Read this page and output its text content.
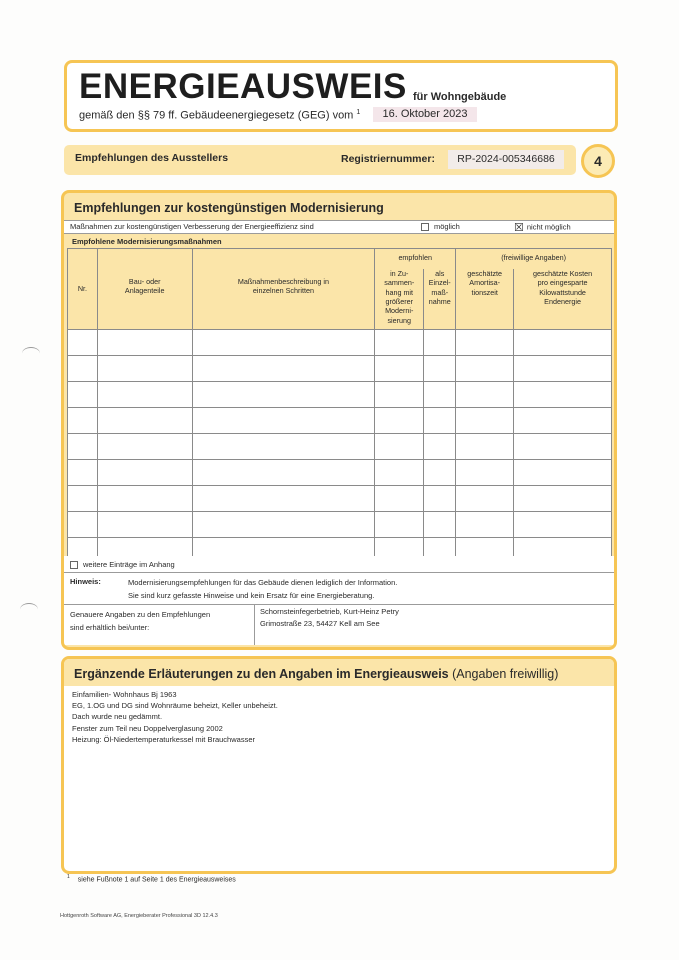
ENERGIEAUSWEIS für Wohngebäude
gemäß den §§ 79 ff. Gebäudeenergiegesetz (GEG) vom $^1$	16. Oktober 2023
Empfehlungen des Ausstellers	Registriernummer:	RP-2024-005346686	4
Empfehlungen zur kostengünstigen Modernisierung
Maßnahmen zur kostengünstigen Verbesserung der Energieeffizienz sind	möglich	☒ nicht möglich
Empfohlene Modernisierungsmaßnahmen
Nr.	Bau- oder Anlagenteile	Maßnahmenbeschreibung in einzelnen Schritten	empfohlen		(freiwillige Angaben)	
			in Zu-sammen-hang mit größerer Moderni-sierung	als Einzel-maß-nahme	geschätzte Amortisa-tionszeit	geschätzte Kosten pro eingesparte Kilowattstunde Endenergie

weitere Einträge im Anhang
Hinweis:	Modernisierungsempfehlungen für das Gebäude dienen lediglich der Information.
Sie sind kurz gefasste Hinweise und kein Ersatz für eine Energieberatung.
Genauere Angaben zu den Empfehlungen
sind erhältlich bei/unter:
Schornsteinfegerbetrieb, Kurt-Heinz Petry
Grimostraße 23, 54427 Kell am See
Ergänzende Erläuterungen zu den Angaben im Energieausweis (Angaben freiwillig)
Einfamilien- Wohnhaus Bj 1963
EG, 1.OG und DG sind Wohnräume beheizt, Keller unbeheizt.
Dach wurde neu gedämmt.
Fenster zum Teil neu Doppelverglasung 2002
Heizung: Öl-Niedertemperaturkessel mit Brauchwasser
$^1$ siehe Fußnote 1 auf Seite 1 des Energieausweises
Hottgenroth Software AG, Energieberater Professional 3D 12.4.3
